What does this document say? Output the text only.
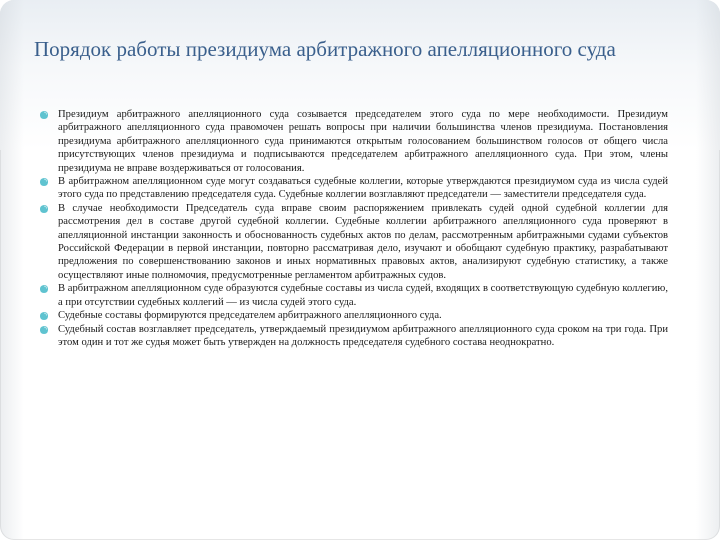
Порядок работы президиума арбитражного апелляционного суда
Президиум арбитражного апелляционного суда созывается председателем этого суда по мере необходимости. Президиум арбитражного апелляционного суда правомочен решать вопросы при наличии большинства членов президиума. Постановления президиума арбитражного апелляционного суда принимаются открытым голосованием большинством голосов от общего числа присутствующих членов президиума и подписываются председателем арбитражного апелляционного суда. При этом, члены президиума не вправе воздерживаться от голосования.
В арбитражном апелляционном суде могут создаваться судебные коллегии, которые утверждаются президиумом суда из числа судей этого суда по представлению председателя суда. Судебные коллегии возглавляют председатели — заместители председателя суда.
В случае необходимости Председатель суда вправе своим распоряжением привлекать судей одной судебной коллегии для рассмотрения дел в составе другой судебной коллегии. Судебные коллегии арбитражного апелляционного суда проверяют в апелляционной инстанции законность и обоснованность судебных актов по делам, рассмотренным арбитражными судами субъектов Российской Федерации в первой инстанции, повторно рассматривая дело, изучают и обобщают судебную практику, разрабатывают предложения по совершенствованию законов и иных нормативных правовых актов, анализируют судебную статистику, а также осуществляют иные полномочия, предусмотренные регламентом арбитражных судов.
В арбитражном апелляционном суде образуются судебные составы из числа судей, входящих в соответствующую судебную коллегию, а при отсутствии судебных коллегий — из числа судей этого суда.
Судебные составы формируются председателем арбитражного апелляционного суда.
Судебный состав возглавляет председатель, утверждаемый президиумом арбитражного апелляционного суда сроком на три года. При этом один и тот же судья может быть утвержден на должность председателя судебного состава неоднократно.
